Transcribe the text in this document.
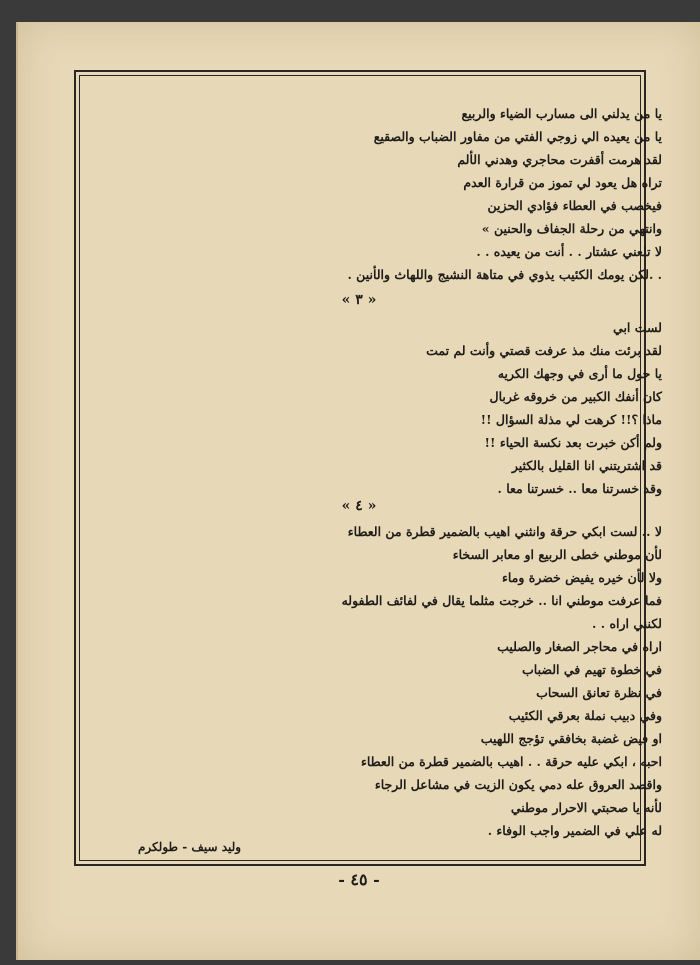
يا من يدلني الى مسارب الضياء والربيع
يا من يعيده الي زوجي الفتي من مفاور الضباب والصقيع
لقد هرمت أقفرت محاجري وهدني الألم
تراه هل يعود لي تموز من قرارة العدم
فيخصب في العطاء فؤادي الحزين
وانتهي من رحلة الجفاف والحنين »
لا تلعني عشتار . . أنت من يعيده . .
. .لكن يومك الكئيب يذوي في متاهة النشيج واللهاث والأنين .
« ٣ »
لست ابي
لقد برئت منك مذ عرفت قصتي وأنت لم تمت
يا حول ما أرى في وجهك الكريه
كان أنفك الكبير من خروقه غربال
ماذا ؟!! كرهت لي مذلة السؤال !!
ولم أكن خبرت بعد نكسة الحياء !!
قد اشتريتني انا القليل بالكثير
وقد خسرتنا معا .. خسرتنا معا .
« ٤ »
لا .. لست ابكي حرقة وانثني اهيب بالضمير قطرة من العطاء
لأن موطني خطى الربيع او معابر السخاء
ولا لأن خيره يفيض خضرة وماء
فما عرفت موطني انا .. خرجت مثلما يقال في لفائف الطفوله
لكنني اراه . .
اراه في محاجر الصغار والصليب
في خطوة تهيم في الضباب
في نظرة تعانق السحاب
وفي دبيب نملة بعرقي الكئيب
او فيض غضبة بخافقي تؤجج اللهيب
احبه ، ابكي عليه حرقة . . اهيب بالضمير قطرة من العطاء
واقصد العروق عله دمي يكون الزيت في مشاعل الرجاء
لأنه يا صحبتي الاحرار موطني
له علي في الضمير واجب الوفاء .
وليد سيف - طولكرم
- ٤٥ -
